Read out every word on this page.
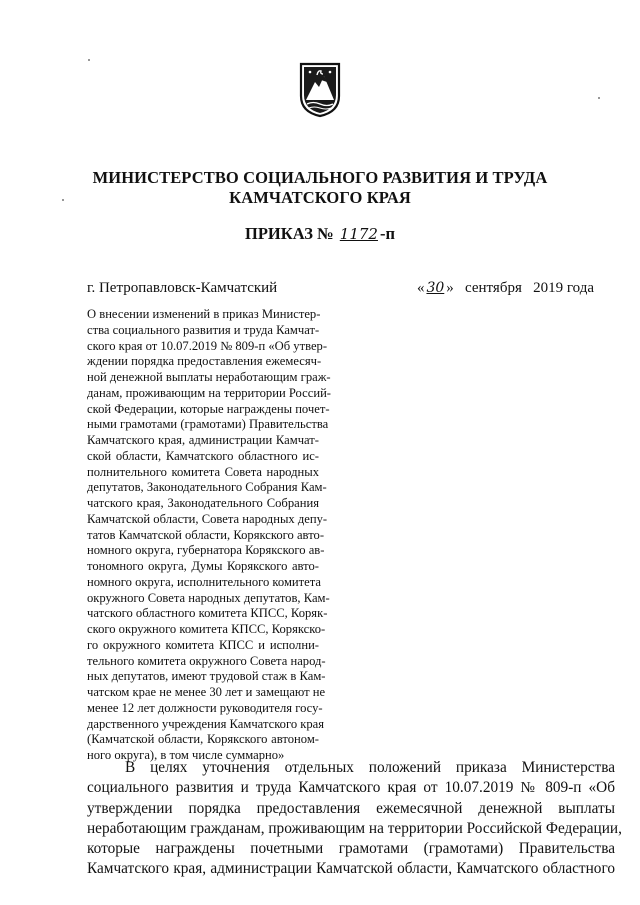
МИНИСТЕРСТВО СОЦИАЛЬНОГО РАЗВИТИЯ И ТРУДА
КАМЧАТСКОГО КРАЯ
ПРИКАЗ № 1172 -п
г. Петропавловск-Камчатский	« 30 » сентября 2019 года
О внесении изменений в приказ Министер-
ства социального развития и труда Камчат-
ского края от 10.07.2019 № 809-п «Об утвер-
ждении порядка предоставления ежемесяч-
ной денежной выплаты неработающим граж-
данам, проживающим на территории Россий-
ской Федерации, которые награждены почет-
ными грамотами (грамотами) Правительства
Камчатского края, администрации Камчат-
ской области, Камчатского областного ис-
полнительного комитета Совета народных
депутатов, Законодательного Собрания Кам-
чатского края, Законодательного Собрания
Камчатской области, Совета народных депу-
татов Камчатской области, Корякского авто-
номного округа, губернатора Корякского ав-
тономного округа, Думы Корякского авто-
номного округа, исполнительного комитета
окружного Совета народных депутатов, Кам-
чатского областного комитета КПСС, Коряк-
ского окружного комитета КПСС, Корякско-
го окружного комитета КПСС и исполни-
тельного комитета окружного Совета народ-
ных депутатов, имеют трудовой стаж в Кам-
чатском крае не менее 30 лет и замещают не
менее 12 лет должности руководителя госу-
дарственного учреждения Камчатского края
(Камчатской области, Корякского автоном-
ного округа), в том числе суммарно»
В целях уточнения отдельных положений приказа Министерства
социального развития и труда Камчатского края от 10.07.2019 № 809-п «Об
утверждении порядка предоставления ежемесячной денежной выплаты
неработающим гражданам, проживающим на территории Российской Федерации,
которые награждены почетными грамотами (грамотами) Правительства
Камчатского края, администрации Камчатской области, Камчатского областного
